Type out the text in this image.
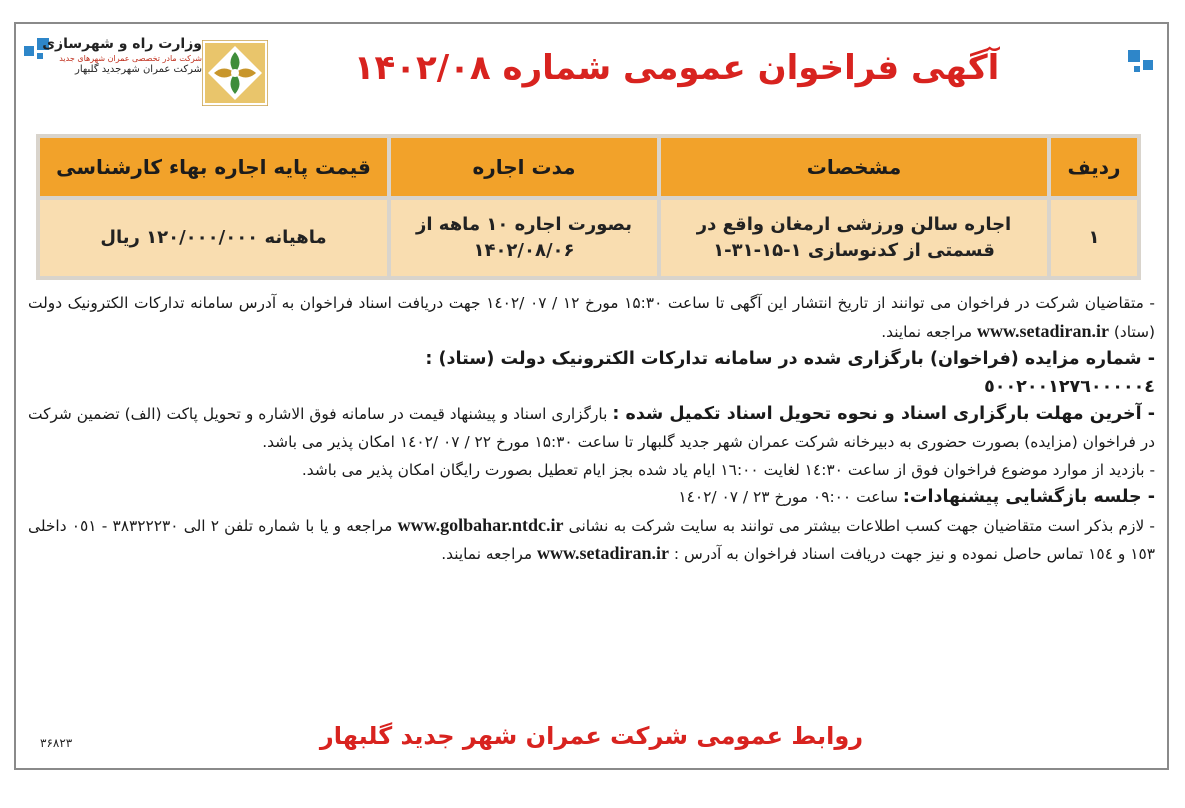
وزارت راه و شهرسازی
شرکت مادر تخصصی عمران شهرهای جدید
شرکت عمران شهرجدید گلبهار	آگهی فراخوان عمومی شماره ۱۴۰۲/۰۸
ردیف	مشخصات	مدت اجاره	قیمت پایه اجاره بهاء کارشناسی
۱	اجاره سالن ورزشی ارمغان واقع در قسمتی از کدنوسازی ۱-۱۵-۳۱-۱	بصورت اجاره ۱۰ ماهه از ۱۴۰۲/۰۸/۰۶	ماهیانه ۱۲۰/۰۰۰/۰۰۰ ریال

- متقاضیان شرکت در فراخوان می توانند از تاریخ انتشار این آگهی تا ساعت ۱۵:۳۰ مورخ ۱۲ / ۰۷ /۱٤۰۲ جهت دریافت اسناد فراخوان به آدرس سامانه تدارکات الکترونیک دولت (ستاد) www.setadiran.ir مراجعه نمایند.

- شماره مزایده (فراخوان) بارگزاری شده در سامانه تدارکات الکترونیک دولت (ستاد) :
٥٠٠٢٠٠١٢٧٦٠٠٠٠٠٤

- آخرین مهلت بارگزاری اسناد و نحوه تحویل اسناد تکمیل شده : بارگزاری اسناد و پیشنهاد قیمت در سامانه فوق الاشاره و تحویل پاکت (الف) تضمین شرکت در فراخوان (مزایده) بصورت حضوری به دبیرخانه شرکت عمران شهر جدید گلبهار تا ساعت ۱۵:۳۰ مورخ ۲۲ / ۰۷ /۱٤۰۲ امکان پذیر می باشد.

- بازدید از موارد موضوع فراخوان فوق از ساعت ۱٤:۳۰ لغایت ۱٦:۰۰ ایام یاد شده بجز ایام تعطیل بصورت رایگان امکان پذیر می باشد.

- جلسه بازگشایی پیشنهادات: ساعت ۰۹:۰۰ مورخ ۲۳ / ۰۷ /۱٤۰۲

- لازم بذکر است متقاضیان جهت کسب اطلاعات بیشتر می توانند به سایت شرکت به نشانی www.golbahar.ntdc.ir مراجعه و یا با شماره تلفن ۲ الی ۳۸۳۲۲۲۳۰ - ۰٥۱ داخلی ۱٥۳ و ۱٥٤ تماس حاصل نموده و نیز جهت دریافت اسناد فراخوان به آدرس : www.setadiran.ir مراجعه نمایند.

روابط عمومی شرکت عمران شهر جدید گلبهار
۳۶۸۲۳
